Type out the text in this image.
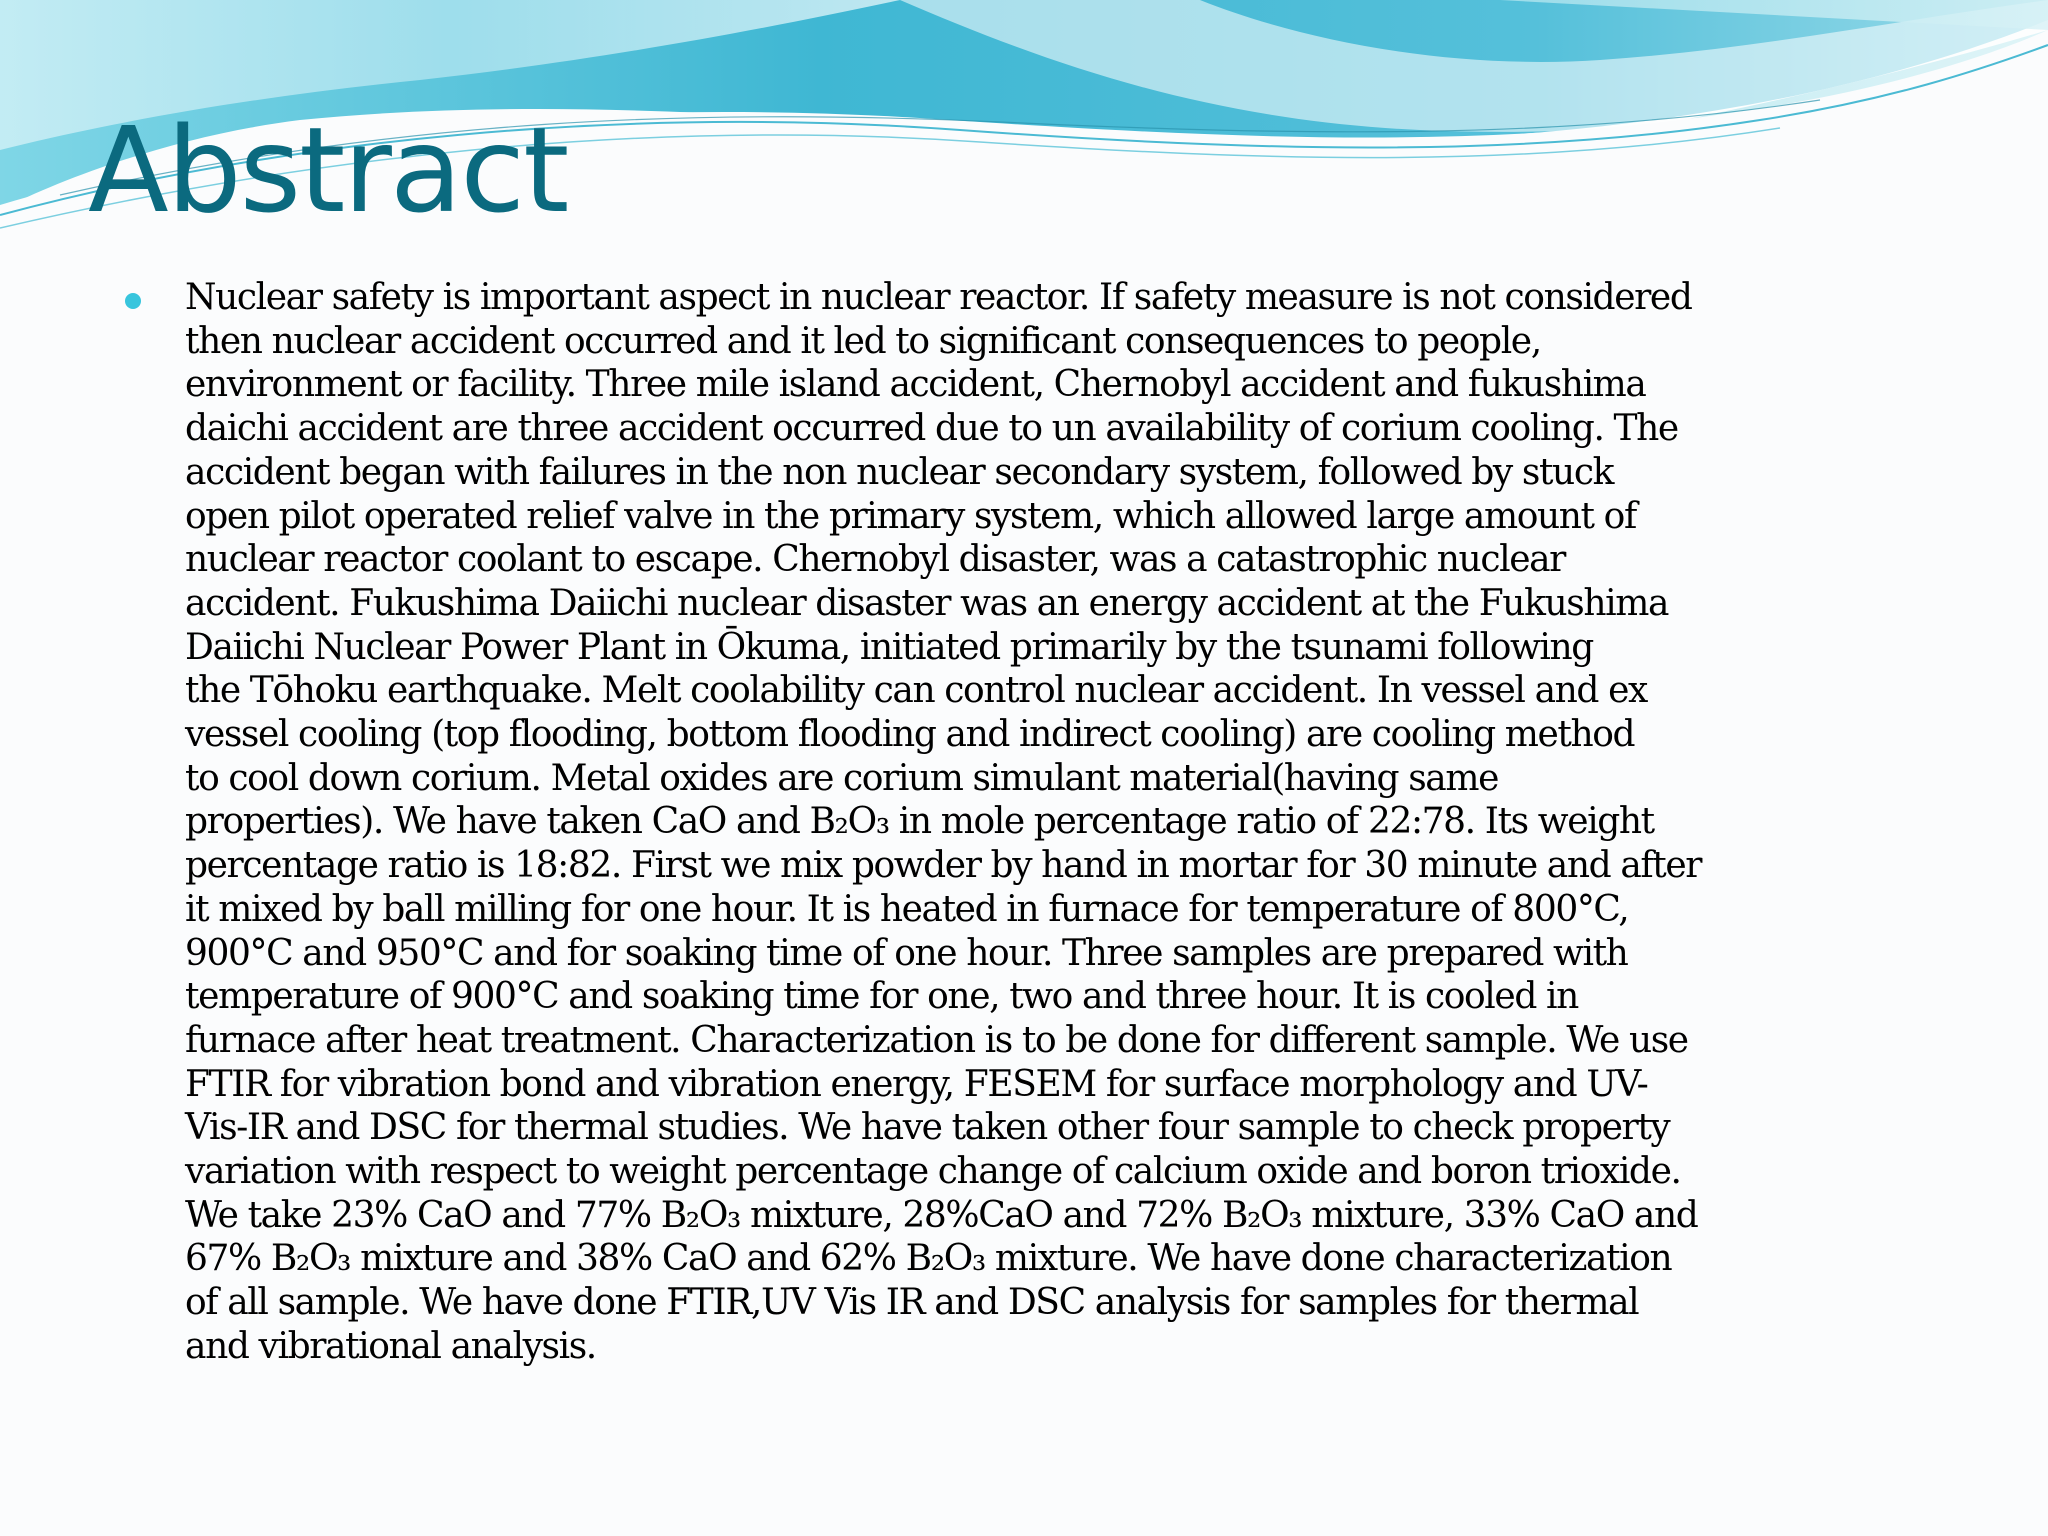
Abstract

Nuclear safety is important aspect in nuclear reactor. If safety measure is not considered
then nuclear accident occurred and it led to significant consequences to people,
environment or facility. Three mile island accident, Chernobyl accident and fukushima
daichi accident are three accident occurred due to un availability of corium cooling. The
accident began with failures in the non nuclear secondary system, followed by stuck
open pilot operated relief valve in the primary system, which allowed large amount of
nuclear reactor coolant to escape. Chernobyl disaster, was a catastrophic nuclear
accident. Fukushima Daiichi nuclear disaster was an energy accident at the Fukushima
Daiichi Nuclear Power Plant in Ōkuma, initiated primarily by the tsunami following
the Tōhoku earthquake. Melt coolability can control nuclear accident. In vessel and ex
vessel cooling (top flooding, bottom flooding and indirect cooling) are cooling method
to cool down corium. Metal oxides are corium simulant material(having same
properties). We have taken CaO and B₂O₃ in mole percentage ratio of 22:78. Its weight
percentage ratio is 18:82. First we mix powder by hand in mortar for 30 minute and after
it mixed by ball milling for one hour. It is heated in furnace for temperature of 800°C,
900°C and 950°C and for soaking time of one hour. Three samples are prepared with
temperature of 900°C and soaking time for one, two and three hour. It is cooled in
furnace after heat treatment. Characterization is to be done for different sample. We use
FTIR for vibration bond and vibration energy, FESEM for surface morphology and UV-
Vis-IR and DSC for thermal studies. We have taken other four sample to check property
variation with respect to weight percentage change of calcium oxide and boron trioxide.
We take 23% CaO and 77% B₂O₃ mixture, 28%CaO and 72% B₂O₃ mixture, 33% CaO and
67% B₂O₃ mixture and 38% CaO and 62% B₂O₃ mixture. We have done characterization
of all sample. We have done FTIR,UV Vis IR and DSC analysis for samples for thermal
and vibrational analysis.
